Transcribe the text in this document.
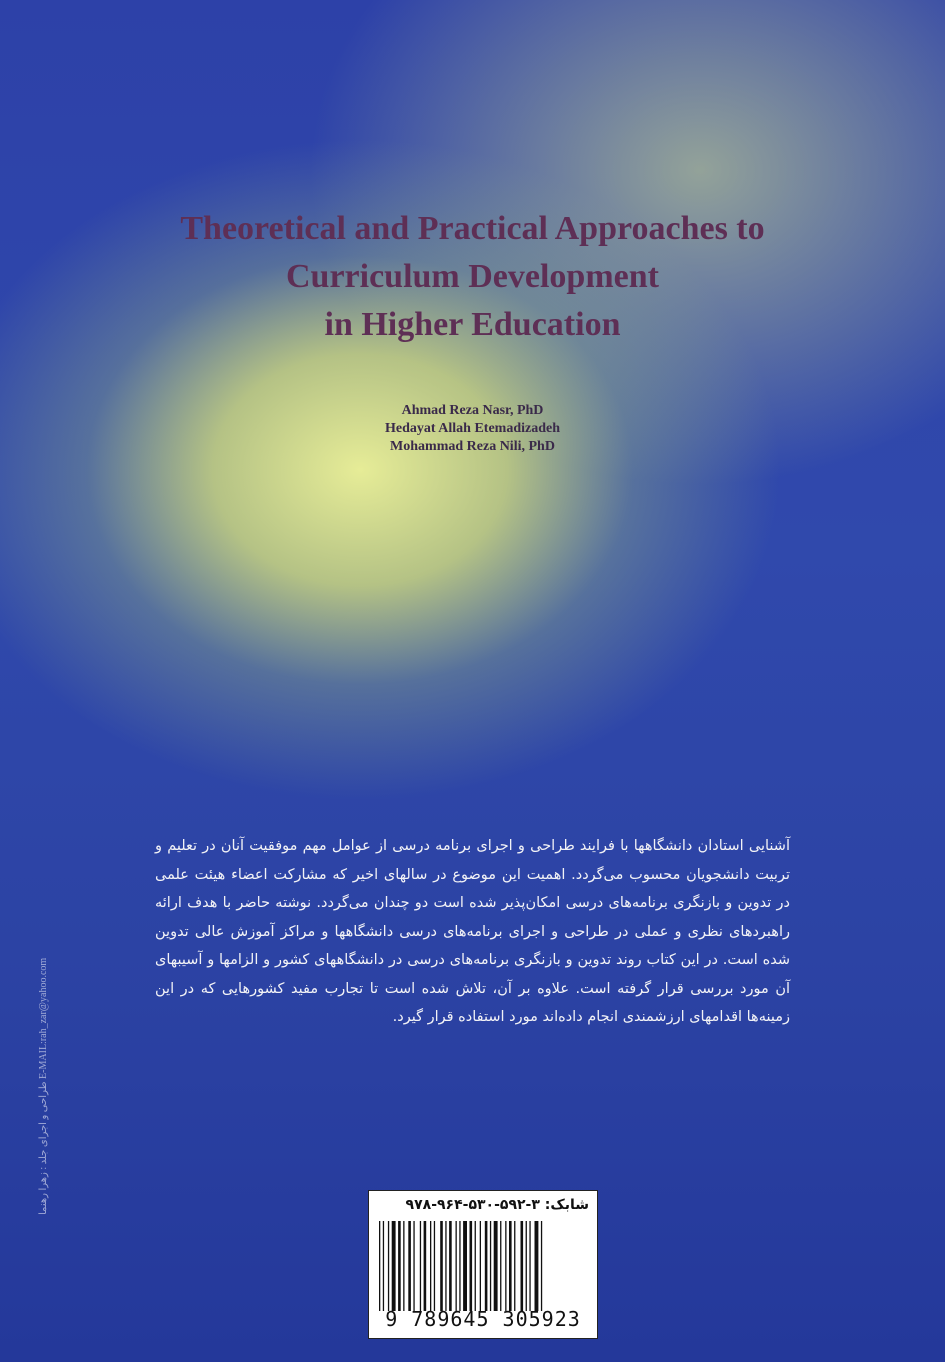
Theoretical and Practical Approaches to
Curriculum Development
in Higher Education
Ahmad Reza Nasr, PhD
Hedayat Allah Etemadizadeh
Mohammad Reza Nili, PhD

آشنایی استادان دانشگاهها با فرایند طراحی و اجرای برنامه درسی از عوامل مهم موفقیت آنان در تعلیم و تربیت دانشجویان محسوب می‌گردد. اهمیت این موضوع در سالهای اخیر که مشارکت اعضاء هیئت علمی در تدوین و بازنگری برنامه‌های درسی امکان‌پذیر شده است دو چندان می‌گردد. نوشته حاضر با هدف ارائه راهبردهای نظری و عملی در طراحی و اجرای برنامه‌های درسی دانشگاهها و مراکز آموزش عالی تدوین شده است. در این کتاب روند تدوین و بازنگری برنامه‌های درسی در دانشگاههای کشور و الزامها و آسیبهای آن مورد بررسی قرار گرفته است. علاوه بر آن، تلاش شده است تا تجارب مفید کشورهایی که در این زمینه‌ها اقدامهای ارزشمندی انجام داده‌اند مورد استفاده قرار گیرد.

طراحی و اجرای جلد : زهرا رهنما E-MAIL:rah_zar@yahoo.com
شابک: ۳-۵۹۲-۵۳۰-۹۶۴-۹۷۸
9 789645 305923
